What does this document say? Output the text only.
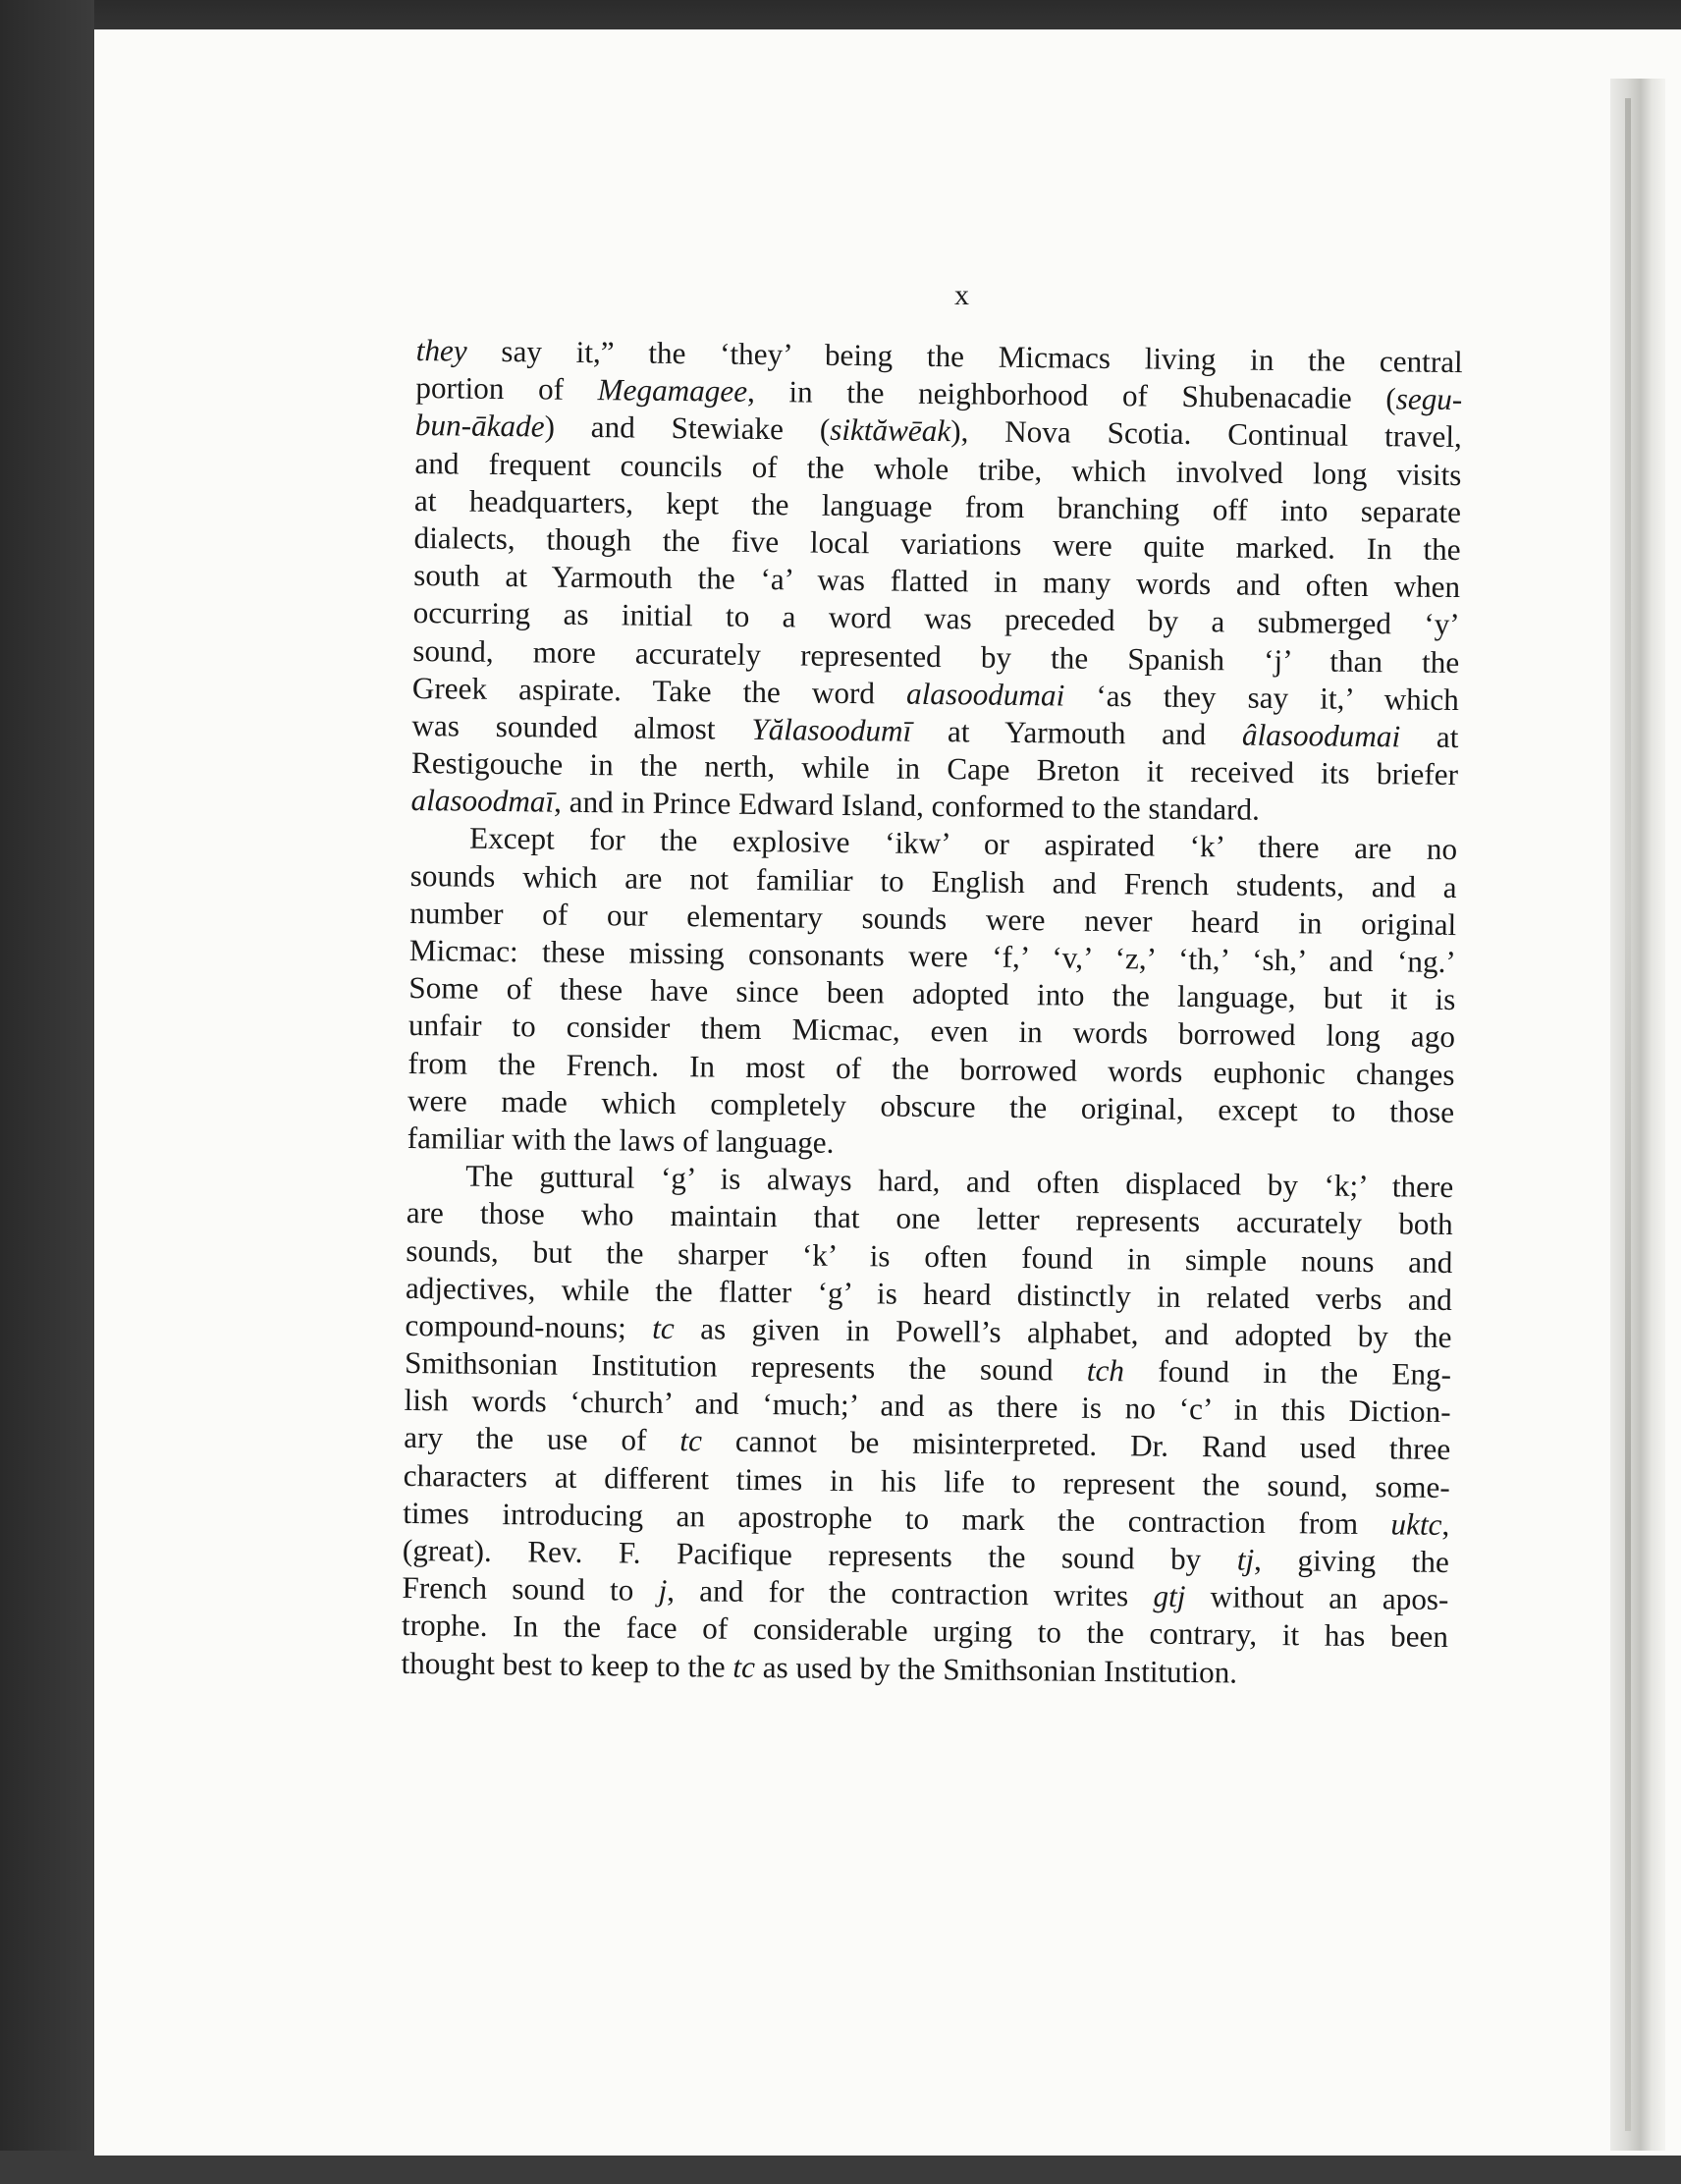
x
they say it,” the ‘they’ being the Micmacs living in the central
portion of Megamagee, in the neighborhood of Shubenacadie (segu-
bun-ākade) and Stewiake (siktăwēak), Nova Scotia. Continual travel,
and frequent councils of the whole tribe, which involved long visits
at headquarters, kept the language from branching off into separate
dialects, though the five local variations were quite marked. In the
south at Yarmouth the ‘a’ was flatted in many words and often when
occurring as initial to a word was preceded by a submerged ‘y’
sound, more accurately represented by the Spanish ‘j’ than the
Greek aspirate. Take the word alasoodumai ‘as they say it,’ which
was sounded almost Yălasoodumī at Yarmouth and âlasoodumai at
Restigouche in the nerth, while in Cape Breton it received its briefer
alasoodmaī, and in Prince Edward Island, conformed to the standard.
Except for the explosive ‘ikw’ or aspirated ‘k’ there are no
sounds which are not familiar to English and French students, and a
number of our elementary sounds were never heard in original
Micmac: these missing consonants were ‘f,’ ‘v,’ ‘z,’ ‘th,’ ‘sh,’ and ‘ng.’
Some of these have since been adopted into the language, but it is
unfair to consider them Micmac, even in words borrowed long ago
from the French. In most of the borrowed words euphonic changes
were made which completely obscure the original, except to those
familiar with the laws of language.
The guttural ‘g’ is always hard, and often displaced by ‘k;’ there
are those who maintain that one letter represents accurately both
sounds, but the sharper ‘k’ is often found in simple nouns and
adjectives, while the flatter ‘g’ is heard distinctly in related verbs and
compound-nouns; tc as given in Powell’s alphabet, and adopted by the
Smithsonian Institution represents the sound tch found in the Eng-
lish words ‘church’ and ‘much;’ and as there is no ‘c’ in this Diction-
ary the use of tc cannot be misinterpreted. Dr. Rand used three
characters at different times in his life to represent the sound, some-
times introducing an apostrophe to mark the contraction from uktc,
(great). Rev. F. Pacifique represents the sound by tj, giving the
French sound to j, and for the contraction writes gtj without an apos-
trophe. In the face of considerable urging to the contrary, it has been
thought best to keep to the tc as used by the Smithsonian Institution.
